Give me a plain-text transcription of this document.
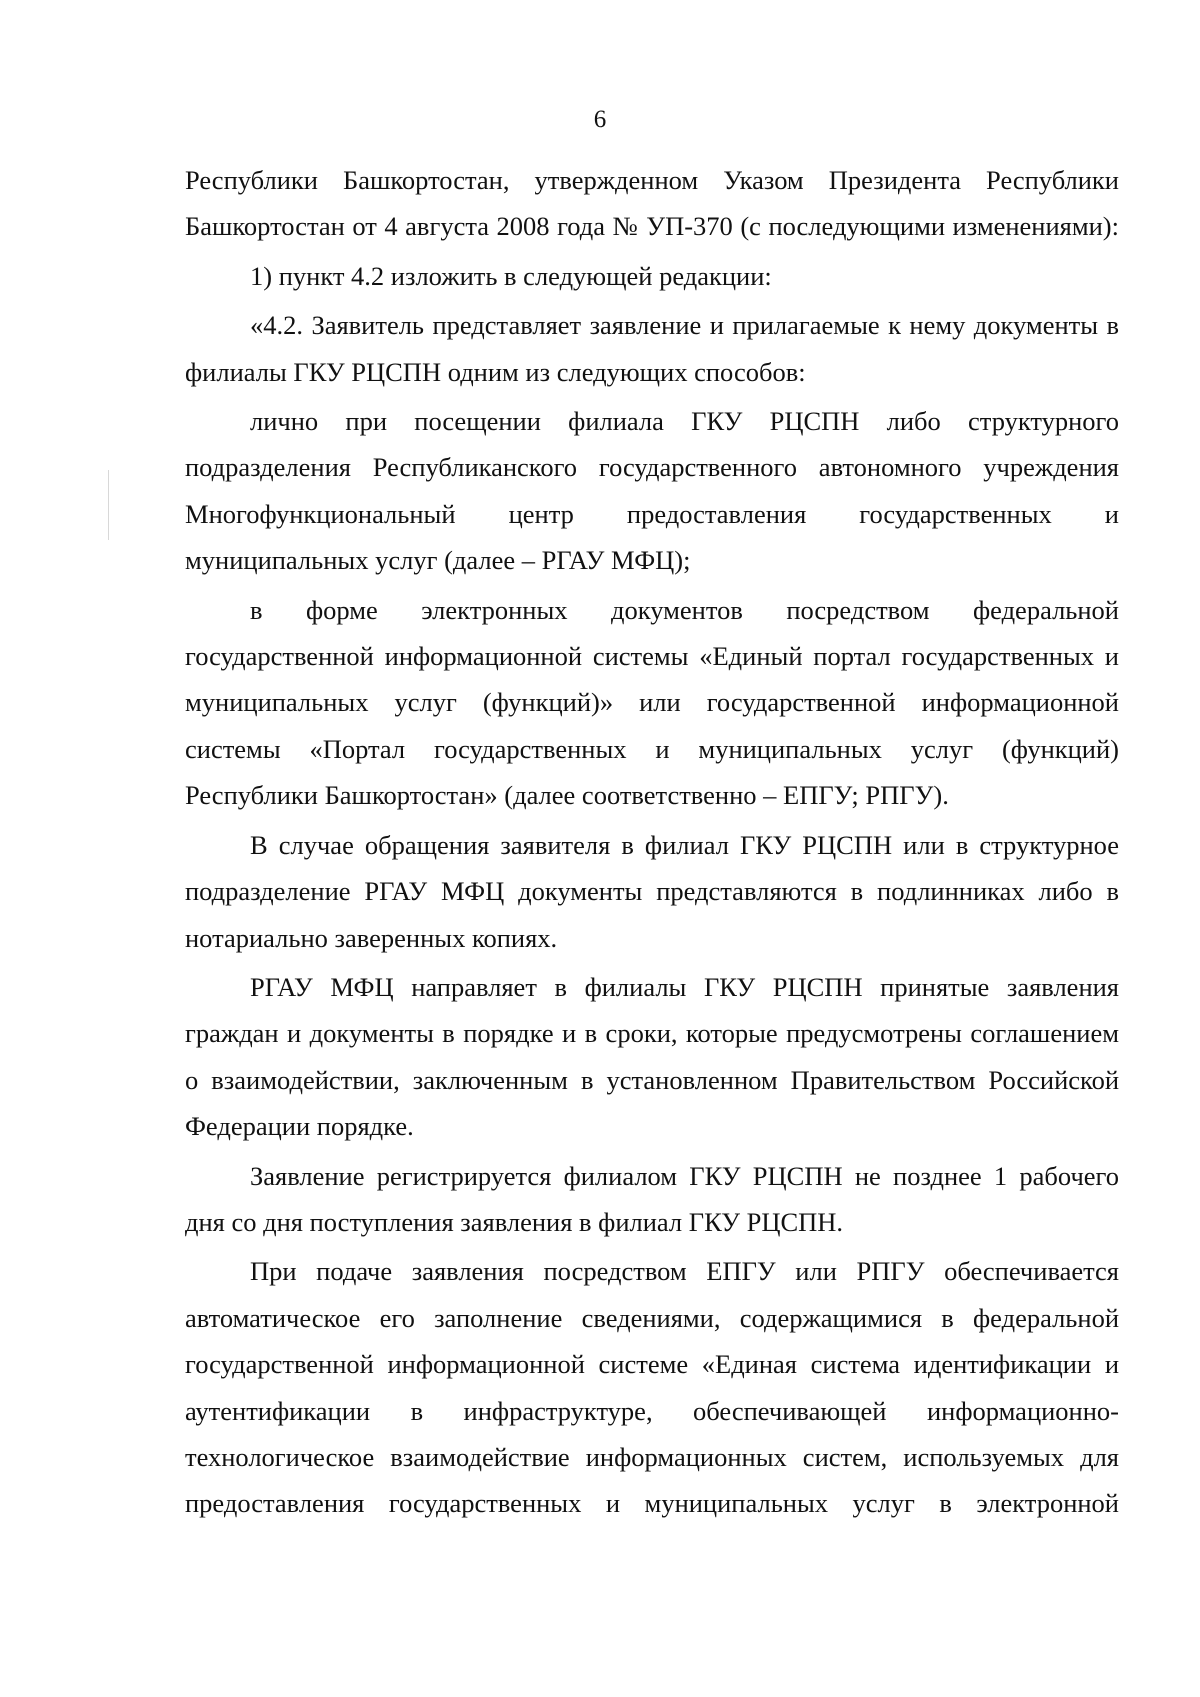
6

Республики Башкортостан, утвержденном Указом Президента Республики Башкортостан от 4 августа 2008 года № УП-370 (с последующими изменениями):

1) пункт 4.2 изложить в следующей редакции:

«4.2. Заявитель представляет заявление и прилагаемые к нему документы в филиалы ГКУ РЦСПН одним из следующих способов:

лично при посещении филиала ГКУ РЦСПН либо структурного подразделения Республиканского государственного автономного учреждения Многофункциональный центр предоставления государственных и муниципальных услуг (далее – РГАУ МФЦ);

в форме электронных документов посредством федеральной государственной информационной системы «Единый портал государственных и муниципальных услуг (функций)» или государственной информационной системы «Портал государственных и муниципальных услуг (функций) Республики Башкортостан» (далее соответственно – ЕПГУ; РПГУ).

В случае обращения заявителя в филиал ГКУ РЦСПН или в структурное подразделение РГАУ МФЦ документы представляются в подлинниках либо в нотариально заверенных копиях.

РГАУ МФЦ направляет в филиалы ГКУ РЦСПН принятые заявления граждан и документы в порядке и в сроки, которые предусмотрены соглашением о взаимодействии, заключенным в установленном Правительством Российской Федерации порядке.

Заявление регистрируется филиалом ГКУ РЦСПН не позднее 1 рабочего дня со дня поступления заявления в филиал ГКУ РЦСПН.

При подаче заявления посредством ЕПГУ или РПГУ обеспечивается автоматическое его заполнение сведениями, содержащимися в федеральной государственной информационной системе «Единая система идентификации и аутентификации в инфраструктуре, обеспечивающей информационно-технологическое взаимодействие информационных систем, используемых для предоставления государственных и муниципальных услуг в электронной
